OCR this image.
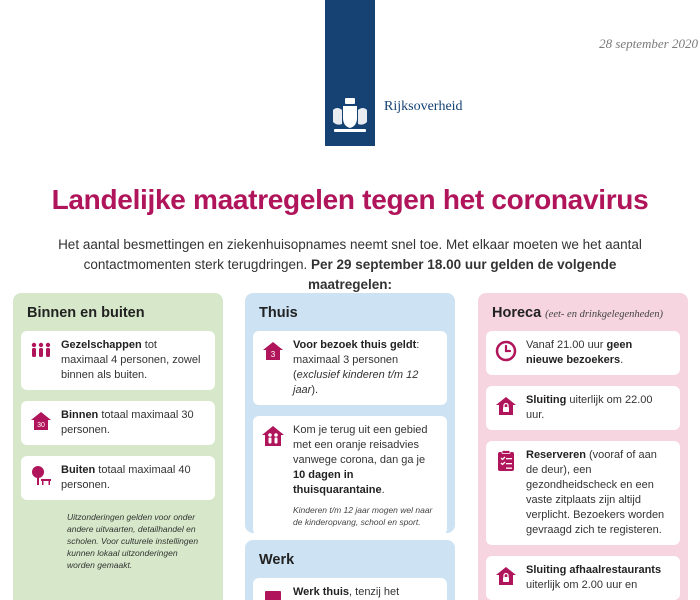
28 september 2020
Rijksoverheid
Landelijke maatregelen tegen het coronavirus

Het aantal besmettingen en ziekenhuisopnames neemt snel toe. Met elkaar moeten we het aantal contactmomenten sterk terugdringen. Per 29 september 18.00 uur gelden de volgende maatregelen:

Binnen en buiten
Gezelschappen tot maximaal 4 personen, zowel binnen als buiten.
30
Binnen totaal maximaal 30 personen.
Buiten totaal maximaal 40 personen.

Uitzonderingen gelden voor onder andere uitvaarten, detailhandel en scholen. Voor culturele instellingen kunnen lokaal uitzonderingen worden gemaakt.

Thuis
3
Voor bezoek thuis geldt: maximaal 3 personen (exclusief kinderen t/m 12 jaar).
Kom je terug uit een gebied met een oranje reisadvies vanwege corona, dan ga je 10 dagen in thuisquarantaine.
Kinderen t/m 12 jaar mogen wel naar de kinderopvang, school en sport.
Werk
Werk thuis, tenzij het
Horeca (eet- en drinkgelegenheden)
Vanaf 21.00 uur geen nieuwe bezoekers.
Sluiting uiterlijk om 22.00 uur.
Reserveren (vooraf of aan de deur), een gezondheidscheck en een vaste zitplaats zijn altijd verplicht. Bezoekers worden gevraagd zich te registeren.
Sluiting afhaalrestaurants uiterlijk om 2.00 uur en
